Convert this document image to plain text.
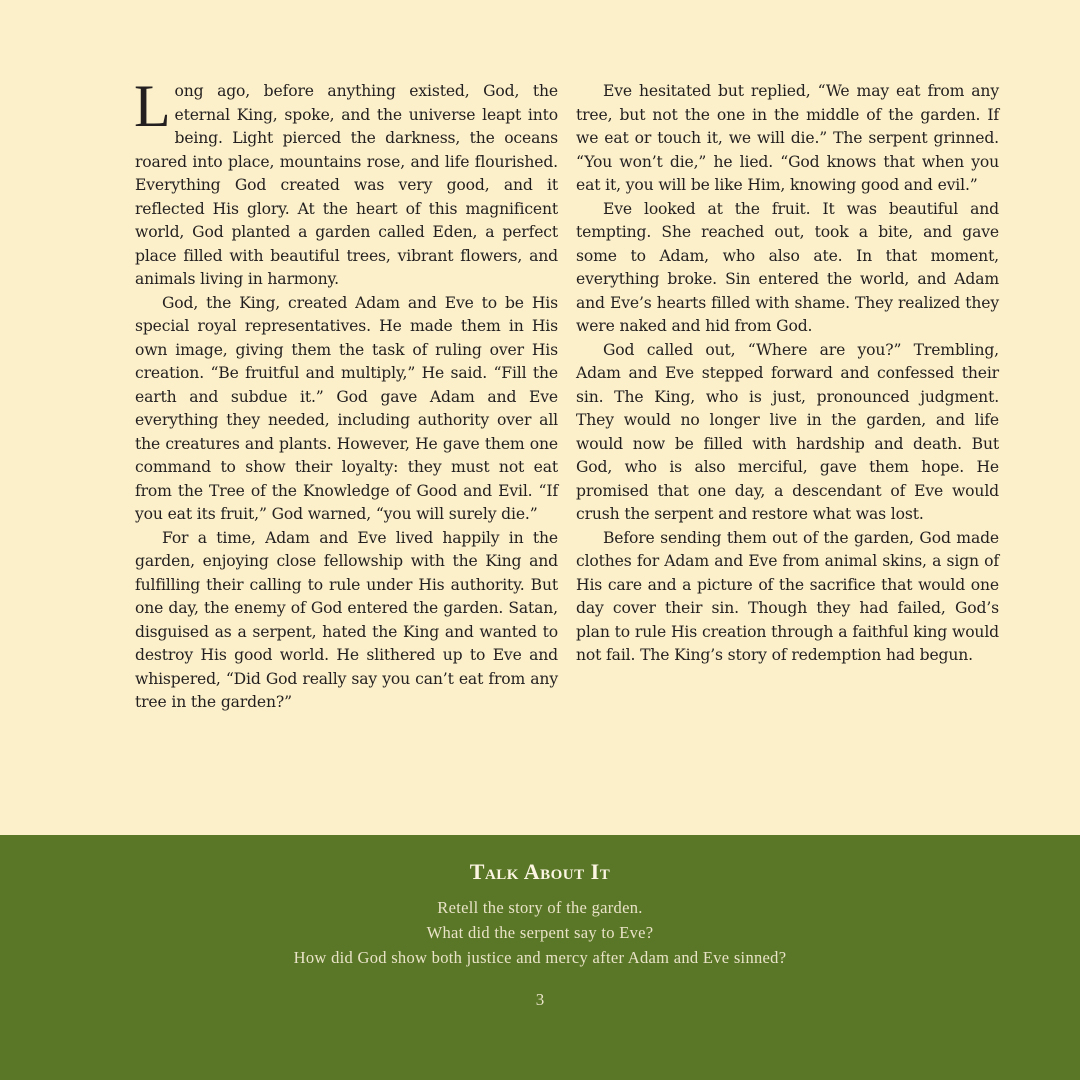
Long ago, before anything existed, God, the eternal King, spoke, and the universe leapt into being. Light pierced the darkness, the oceans roared into place, mountains rose, and life flourished. Everything God created was very good, and it reflected His glory. At the heart of this magnificent world, God planted a garden called Eden, a perfect place filled with beautiful trees, vibrant flowers, and animals living in harmony.

God, the King, created Adam and Eve to be His special royal representatives. He made them in His own image, giving them the task of ruling over His creation. “Be fruitful and multiply,” He said. “Fill the earth and subdue it.” God gave Adam and Eve everything they needed, including authority over all the creatures and plants. However, He gave them one command to show their loyalty: they must not eat from the Tree of the Knowledge of Good and Evil. “If you eat its fruit,” God warned, “you will surely die.”

For a time, Adam and Eve lived happily in the garden, enjoying close fellowship with the King and fulfilling their calling to rule under His authority. But one day, the enemy of God entered the garden. Satan, disguised as a serpent, hated the King and wanted to destroy His good world. He slithered up to Eve and whispered, “Did God really say you can’t eat from any tree in the garden?”

Eve hesitated but replied, “We may eat from any tree, but not the one in the middle of the garden. If we eat or touch it, we will die.” The serpent grinned. “You won’t die,” he lied. “God knows that when you eat it, you will be like Him, knowing good and evil.”

Eve looked at the fruit. It was beautiful and tempting. She reached out, took a bite, and gave some to Adam, who also ate. In that moment, everything broke. Sin entered the world, and Adam and Eve’s hearts filled with shame. They realized they were naked and hid from God.

God called out, “Where are you?” Trembling, Adam and Eve stepped forward and confessed their sin. The King, who is just, pronounced judgment. They would no longer live in the garden, and life would now be filled with hardship and death. But God, who is also merciful, gave them hope. He promised that one day, a descendant of Eve would crush the serpent and restore what was lost.

Before sending them out of the garden, God made clothes for Adam and Eve from animal skins, a sign of His care and a picture of the sacrifice that would one day cover their sin. Though they had failed, God’s plan to rule His creation through a faithful king would not fail. The King’s story of redemption had begun.

Talk About It
Retell the story of the garden.
What did the serpent say to Eve?
How did God show both justice and mercy after Adam and Eve sinned?
3
